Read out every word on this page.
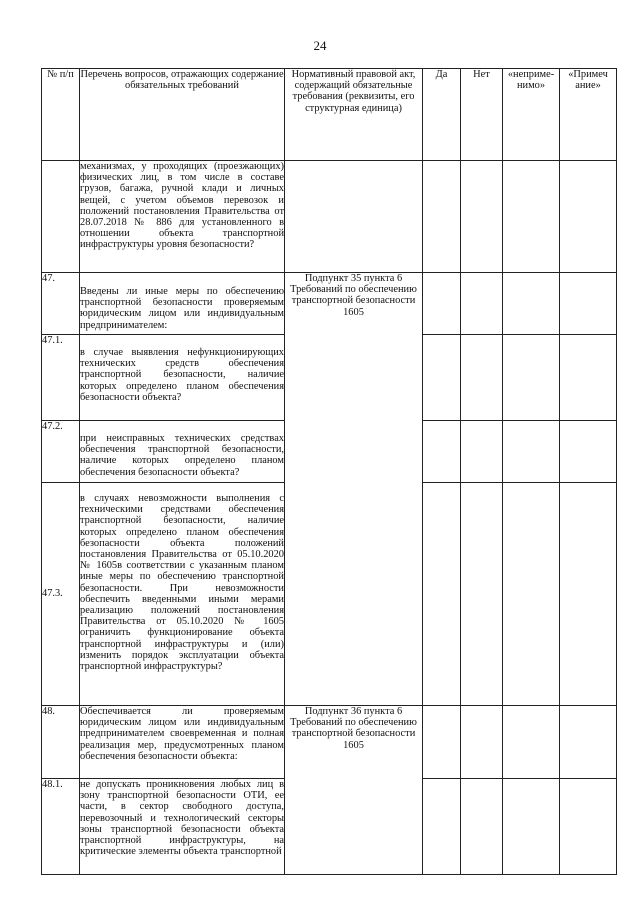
24
№ п/п	Перечень вопросов, отражающих содержание обязательных требований	Нормативный правовой акт, содержащий обязательные требования (реквизиты, его структурная единица)	Да	Нет	«неприме-нимо»	«Примеч ание»
	механизмах, у проходящих (проезжающих) физических лиц, в том числе в составе грузов, багажа, ручной клади и личных вещей, с учетом объемов перевозок и положений постановления Правительства от 28.07.2018 № 886 для установленного в отношении объекта транспортной инфраструктуры уровня безопасности?					
47.	Введены ли иные меры по обеспечению транспортной безопасности проверяемым юридическим лицом или индивидуальным предпринимателем:	Подпункт 35 пункта 6 Требований по обеспечению транспортной безопасности 1605				
47.1.	в случае выявления нефункционирующих технических средств обеспечения транспортной безопасности, наличие которых определено планом обеспечения безопасности объекта?					
47.2.	при неисправных технических средствах обеспечения транспортной безопасности, наличие которых определено планом обеспечения безопасности объекта?					
47.3.	в случаях невозможности выполнения с техническими средствами обеспечения транспортной безопасности, наличие которых определено планом обеспечения безопасности объекта положений постановления Правительства от 05.10.2020 № 1605в соответствии с указанным планом иные меры по обеспечению транспортной безопасности. При невозможности обеспечить введенными иными мерами реализацию положений постановления Правительства от 05.10.2020 № 1605 ограничить функционирование объекта транспортной инфраструктуры и (или) изменить порядок эксплуатации объекта транспортной инфраструктуры?					
48.	Обеспечивается ли проверяемым юридическим лицом или индивидуальным предпринимателем своевременная и полная реализация мер, предусмотренных планом обеспечения безопасности объекта:	Подпункт 36 пункта 6 Требований по обеспечению транспортной безопасности 1605				
48.1.	не допускать проникновения любых лиц в зону транспортной безопасности ОТИ, ее части, в сектор свободного доступа, перевозочный и технологический секторы зоны транспортной безопасности объекта транспортной инфраструктуры, на критические элементы объекта транспортной					
